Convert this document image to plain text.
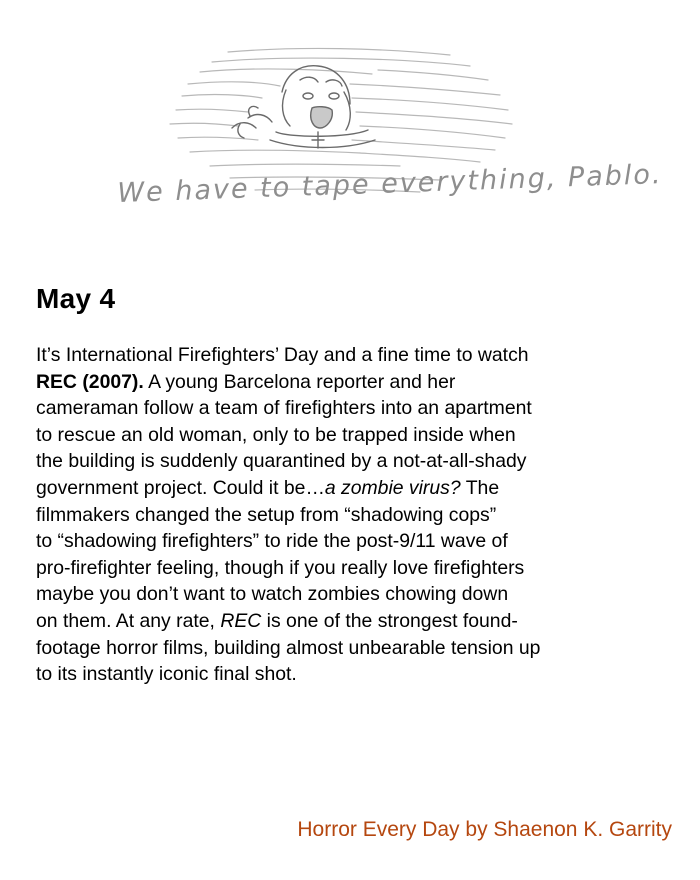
We have to tape everything, Pablo.
May 4
It’s International Firefighters’ Day and a fine time to watch
REC (2007). A young Barcelona reporter and her
cameraman follow a team of firefighters into an apartment
to rescue an old woman, only to be trapped inside when
the building is suddenly quarantined by a not-at-all-shady
government project. Could it be…a zombie virus? The
filmmakers changed the setup from “shadowing cops”
to “shadowing firefighters” to ride the post-9/11 wave of
pro-firefighter feeling, though if you really love firefighters
maybe you don’t want to watch zombies chowing down
on them. At any rate, REC is one of the strongest found-
footage horror films, building almost unbearable tension up
to its instantly iconic final shot.
Horror Every Day by Shaenon K. Garrity
